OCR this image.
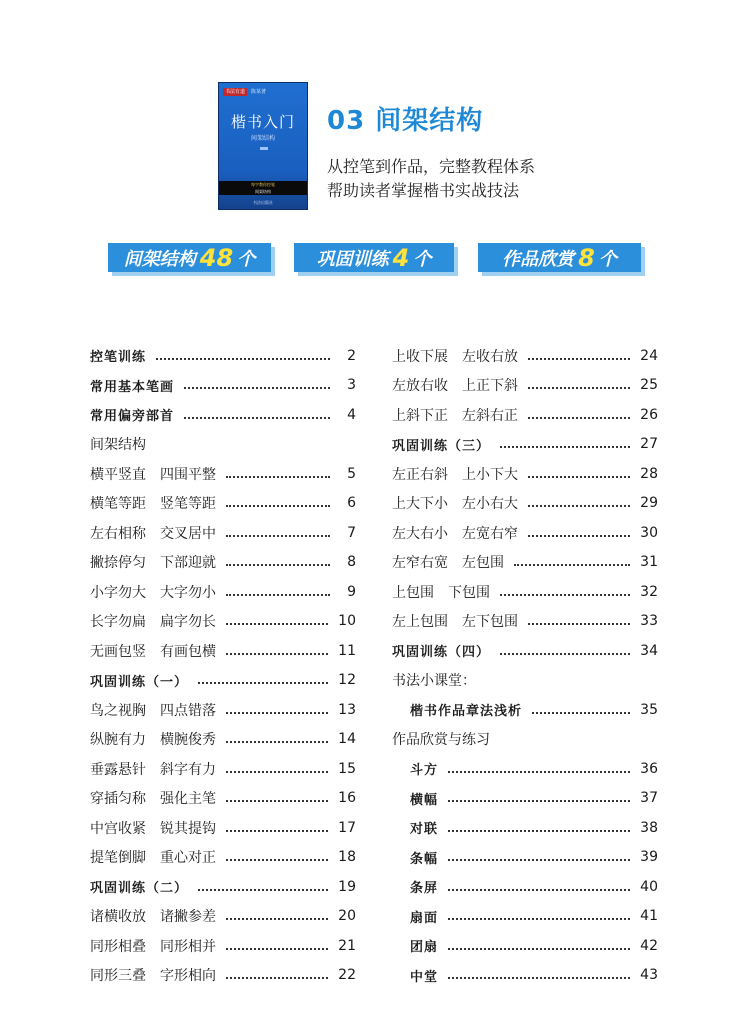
书法有道	陈某著
楷书入门
间架结构
每字教你控笔
间架结构
书法出版社
03 间架结构
从控笔到作品，完整教程体系
帮助读者掌握楷书实战技法
间架结构 48 个	巩固训练 4 个	作品欣赏 8 个
控笔训练	2
常用基本笔画	3
常用偏旁部首	4
间架结构
横平竖直　四围平整	5
横笔等距　竖笔等距	6
左右相称　交叉居中	7
撇捺停匀　下部迎就	8
小字勿大　大字勿小	9
长字勿扁　扁字勿长	10
无画包竖　有画包横	11
巩固训练（一）	12
鸟之视胸　四点错落	13
纵腕有力　横腕俊秀	14
垂露悬针　斜字有力	15
穿插匀称　强化主笔	16
中宫收紧　锐其提钩	17
提笔倒脚　重心对正	18
巩固训练（二）	19
诸横收放　诸撇参差	20
同形相叠　同形相并	21
同形三叠　字形相向	22
上收下展　左收右放	24
左放右收　上正下斜	25
上斜下正　左斜右正	26
巩固训练（三）	27
左正右斜　上小下大	28
上大下小　左小右大	29
左大右小　左宽右窄	30
左窄右宽　左包围	31
上包围　下包围	32
左上包围　左下包围	33
巩固训练（四）	34
书法小课堂：
楷书作品章法浅析	35
作品欣赏与练习
斗方	36
横幅	37
对联	38
条幅	39
条屏	40
扇面	41
团扇	42
中堂	43
